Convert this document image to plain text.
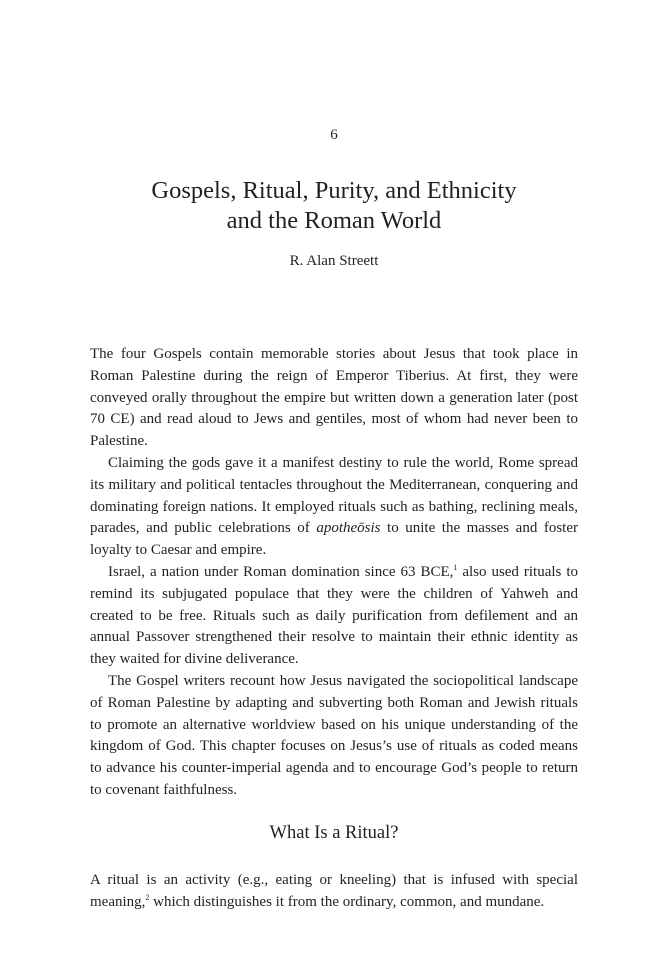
6
Gospels, Ritual, Purity, and Ethnicity
and the Roman World
R. Alan Streett

The four Gospels contain memorable stories about Jesus that took place in Roman Palestine during the reign of Emperor Tiberius. At first, they were conveyed orally throughout the empire but written down a generation later (post 70 CE) and read aloud to Jews and gentiles, most of whom had never been to Palestine.

Claiming the gods gave it a manifest destiny to rule the world, Rome spread its military and political tentacles throughout the Mediterranean, conquering and dominating foreign nations. It employed rituals such as bathing, reclining meals, parades, and public celebrations of apotheōsis to unite the masses and foster loyalty to Caesar and empire.

Israel, a nation under Roman domination since 63 BCE,$^1$ also used rituals to remind its subjugated populace that they were the children of Yahweh and created to be free. Rituals such as daily purification from defilement and an annual Passover strengthened their resolve to maintain their ethnic identity as they waited for divine deliverance.

The Gospel writers recount how Jesus navigated the sociopolitical landscape of Roman Palestine by adapting and subverting both Roman and Jewish rituals to promote an alternative worldview based on his unique understanding of the kingdom of God. This chapter focuses on Jesus’s use of rituals as coded means to advance his counter-imperial agenda and to encourage God’s people to return to covenant faithfulness.

What Is a Ritual?

A ritual is an activity (e.g., eating or kneeling) that is infused with special meaning,$^2$ which distinguishes it from the ordinary, common, and mundane.
